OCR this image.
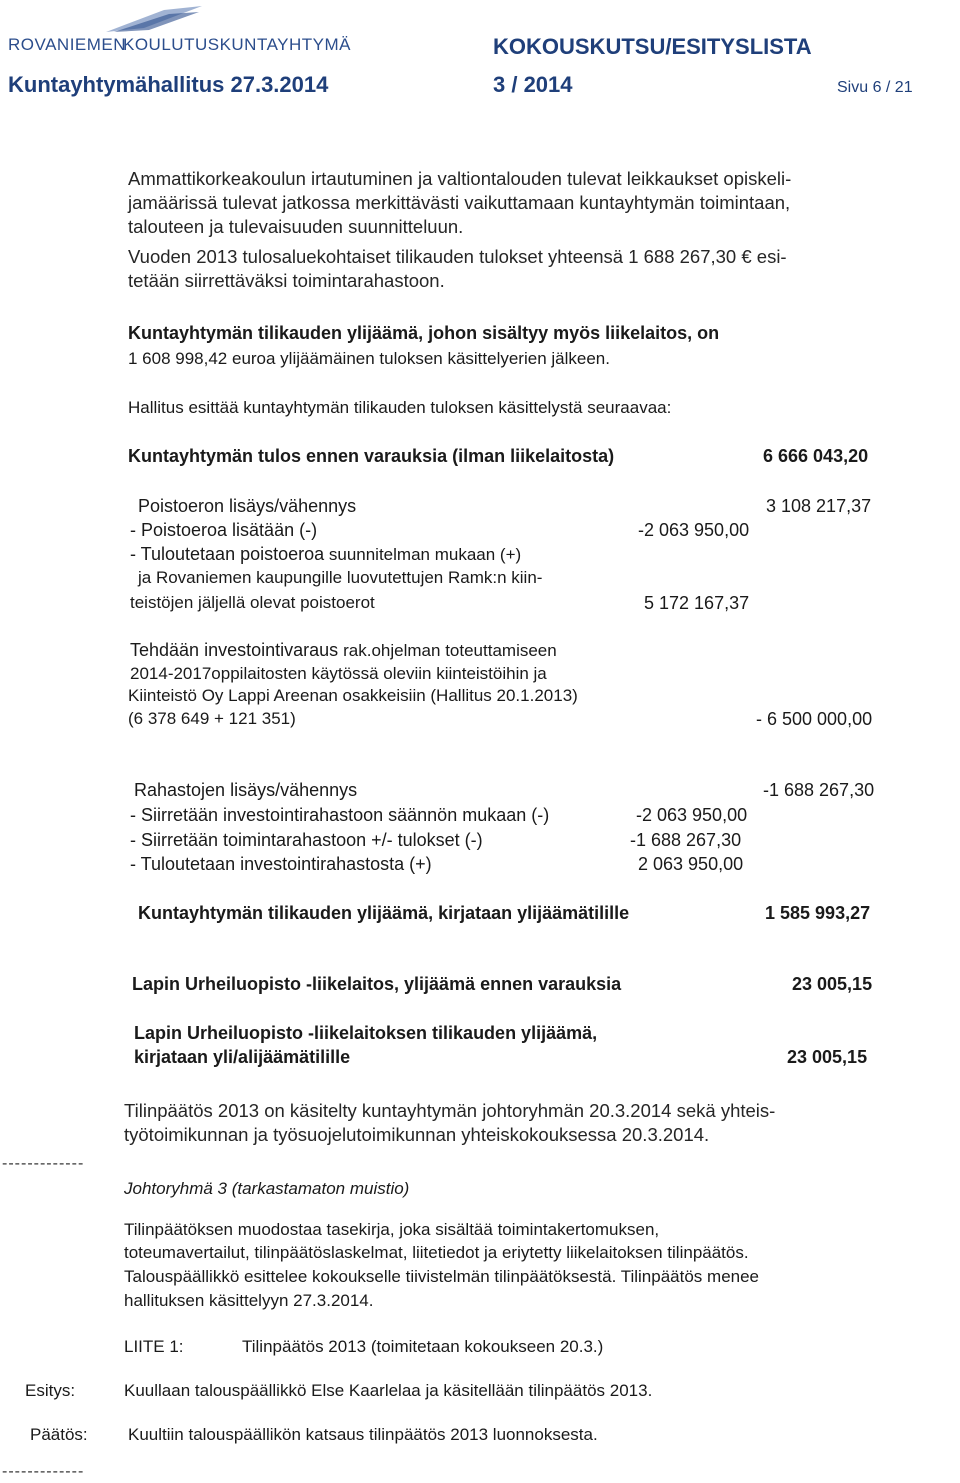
ROVANIEMEN
KOULUTUSKUNTAYHTYMÄ	KOKOUSKUTSU/ESITYSLISTA
Kuntayhtymähallitus 27.3.2014	3 / 2014	Sivu 6 / 21
Ammattikorkeakoulun irtautuminen ja valtiontalouden tulevat leikkaukset opiskeli-
jamäärissä tulevat jatkossa merkittävästi vaikuttamaan kuntayhtymän toimintaan,
talouteen ja tulevaisuuden suunnitteluun.
Vuoden 2013 tulosaluekohtaiset tilikauden tulokset yhteensä 1 688 267,30 € esi-
tetään siirrettäväksi toimintarahastoon.
Kuntayhtymän tilikauden ylijäämä, johon sisältyy myös liikelaitos, on
1 608 998,42 euroa ylijäämäinen tuloksen käsittelyerien jälkeen.
Hallitus esittää kuntayhtymän tilikauden tuloksen käsittelystä seuraavaa:
Kuntayhtymän tulos ennen varauksia (ilman liikelaitosta)	6 666 043,20
Poistoeron lisäys/vähennys	3 108 217,37
- Poistoeroa lisätään (-)	-2 063 950,00
- Tuloutetaan poistoeroa suunnitelman mukaan (+)
ja Rovaniemen kaupungille luovutettujen Ramk:n kiin-
teistöjen jäljellä olevat poistoerot	5 172 167,37
Tehdään investointivaraus rak.ohjelman toteuttamiseen
2014-2017oppilaitosten käytössä oleviin kiinteistöihin ja
Kiinteistö Oy Lappi Areenan osakkeisiin (Hallitus 20.1.2013)
(6 378 649 + 121 351)	- 6 500 000,00
Rahastojen lisäys/vähennys	-1 688 267,30
- Siirretään investointirahastoon säännön mukaan (-)	-2 063 950,00
- Siirretään toimintarahastoon +/- tulokset (-)	-1 688 267,30
- Tuloutetaan investointirahastosta (+)	2 063 950,00
Kuntayhtymän tilikauden ylijäämä, kirjataan ylijäämätilille	1 585 993,27
Lapin Urheiluopisto -liikelaitos, ylijäämä ennen varauksia	23 005,15
Lapin Urheiluopisto -liikelaitoksen tilikauden ylijäämä,
kirjataan yli/alijäämätilille	23 005,15
Tilinpäätös 2013 on käsitelty kuntayhtymän johtoryhmän 20.3.2014 sekä yhteis-
työtoimikunnan ja työsuojelutoimikunnan yhteiskokouksessa 20.3.2014.
-------------
Johtoryhmä 3 (tarkastamaton muistio)
Tilinpäätöksen muodostaa tasekirja, joka sisältää toimintakertomuksen,
toteumavertailut, tilinpäätöslaskelmat, liitetiedot ja eriytetty liikelaitoksen tilinpäätös.
Talouspäällikkö esittelee kokoukselle tiivistelmän tilinpäätöksestä. Tilinpäätös menee
hallituksen käsittelyyn 27.3.2014.
LIITE 1:	Tilinpäätös 2013 (toimitetaan kokoukseen 20.3.)
Esitys:	Kuullaan talouspäällikkö Else Kaarlelaa ja käsitellään tilinpäätös 2013.
Päätös: Kuultiin talouspäällikön katsaus tilinpäätös 2013 luonnoksesta.
-------------
